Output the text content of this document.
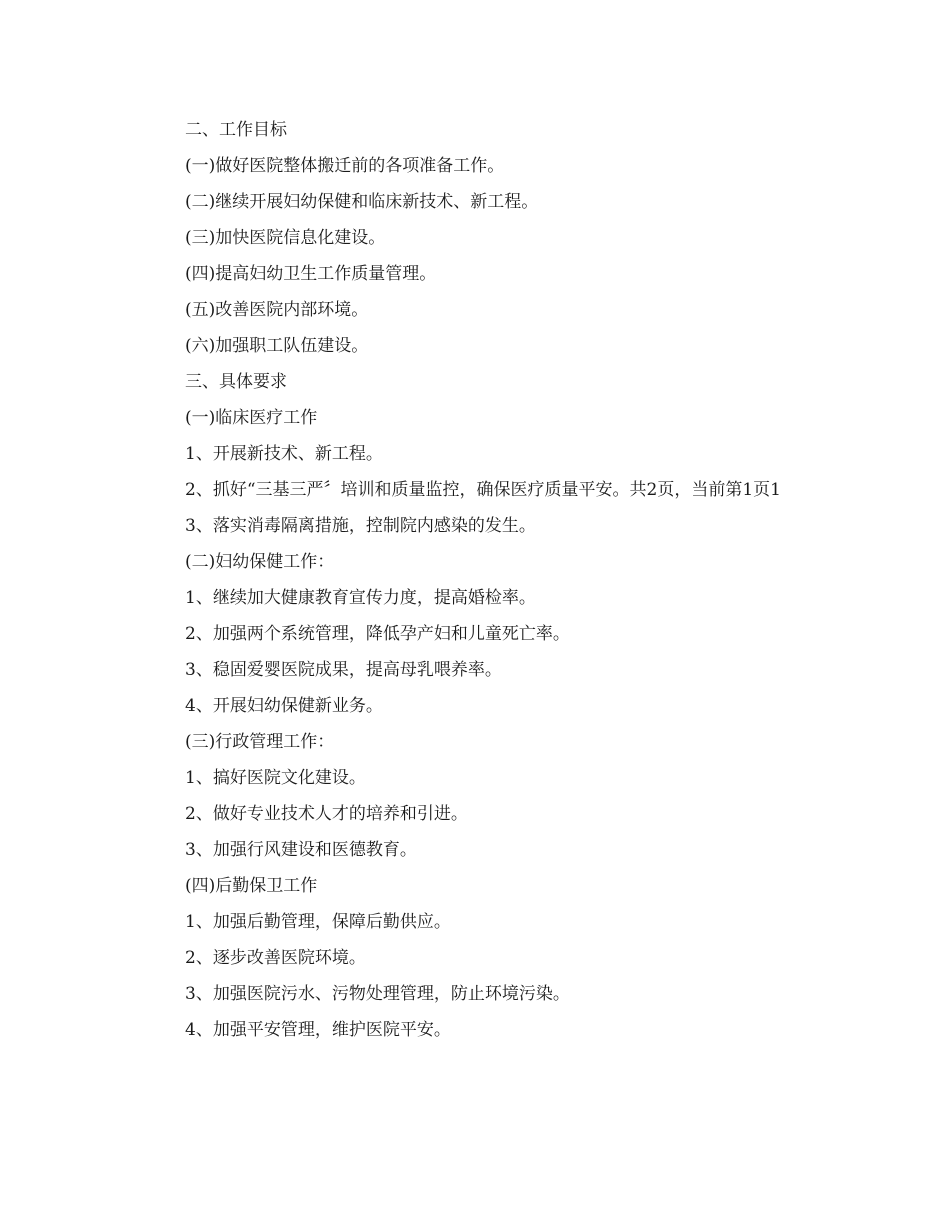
二、工作目标

(一)做好医院整体搬迁前的各项准备工作。

(二)继续开展妇幼保健和临床新技术、新工程。

(三)加快医院信息化建设。

(四)提高妇幼卫生工作质量管理。

(五)改善医院内部环境。

(六)加强职工队伍建设。

三、具体要求

(一)临床医疗工作

1、开展新技术、新工程。

2、抓好“三基三严〞培训和质量监控，确保医疗质量平安。共2页，当前第1页1

3、落实消毒隔离措施，控制院内感染的发生。

(二)妇幼保健工作：

1、继续加大健康教育宣传力度，提高婚检率。

2、加强两个系统管理，降低孕产妇和儿童死亡率。

3、稳固爱婴医院成果，提高母乳喂养率。

4、开展妇幼保健新业务。

(三)行政管理工作：

1、搞好医院文化建设。

2、做好专业技术人才的培养和引进。

3、加强行风建设和医德教育。

(四)后勤保卫工作

1、加强后勤管理，保障后勤供应。

2、逐步改善医院环境。

3、加强医院污水、污物处理管理，防止环境污染。

4、加强平安管理，维护医院平安。
